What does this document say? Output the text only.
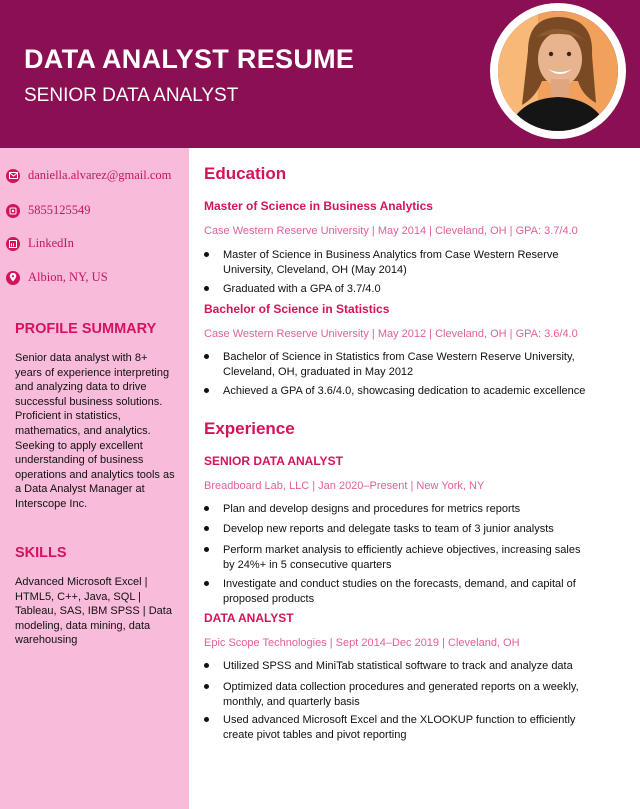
DATA ANALYST RESUME
SENIOR DATA ANALYST
daniella.alvarez@gmail.com
5855125549
LinkedIn
Albion, NY, US
PROFILE SUMMARY
Senior data analyst with 8+ years of experience interpreting and analyzing data to drive successful business solutions. Proficient in statistics, mathematics, and analytics. Seeking to apply excellent understanding of business operations and analytics tools as a Data Analyst Manager at Interscope Inc.
SKILLS
Advanced Microsoft Excel | HTML5, C++, Java, SQL | Tableau, SAS, IBM SPSS | Data modeling, data mining, data warehousing
Education
Master of Science in Business Analytics
Case Western Reserve University | May 2014 | Cleveland, OH | GPA: 3.7/4.0
Master of Science in Business Analytics from Case Western Reserve University, Cleveland, OH (May 2014)
Graduated with a GPA of 3.7/4.0
Bachelor of Science in Statistics
Case Western Reserve University | May 2012 | Cleveland, OH | GPA: 3.6/4.0
Bachelor of Science in Statistics from Case Western Reserve University, Cleveland, OH, graduated in May 2012
Achieved a GPA of 3.6/4.0, showcasing dedication to academic excellence
Experience
SENIOR DATA ANALYST
Breadboard Lab, LLC | Jan 2020–Present | New York, NY
Plan and develop designs and procedures for metrics reports
Develop new reports and delegate tasks to team of 3 junior analysts
Perform market analysis to efficiently achieve objectives, increasing sales by 24%+ in 5 consecutive quarters
Investigate and conduct studies on the forecasts, demand, and capital of proposed products
DATA ANALYST
Epic Scope Technologies | Sept 2014–Dec 2019 | Cleveland, OH
Utilized SPSS and MiniTab statistical software to track and analyze data
Optimized data collection procedures and generated reports on a weekly, monthly, and quarterly basis
Used advanced Microsoft Excel and the XLOOKUP function to efficiently create pivot tables and pivot reporting
